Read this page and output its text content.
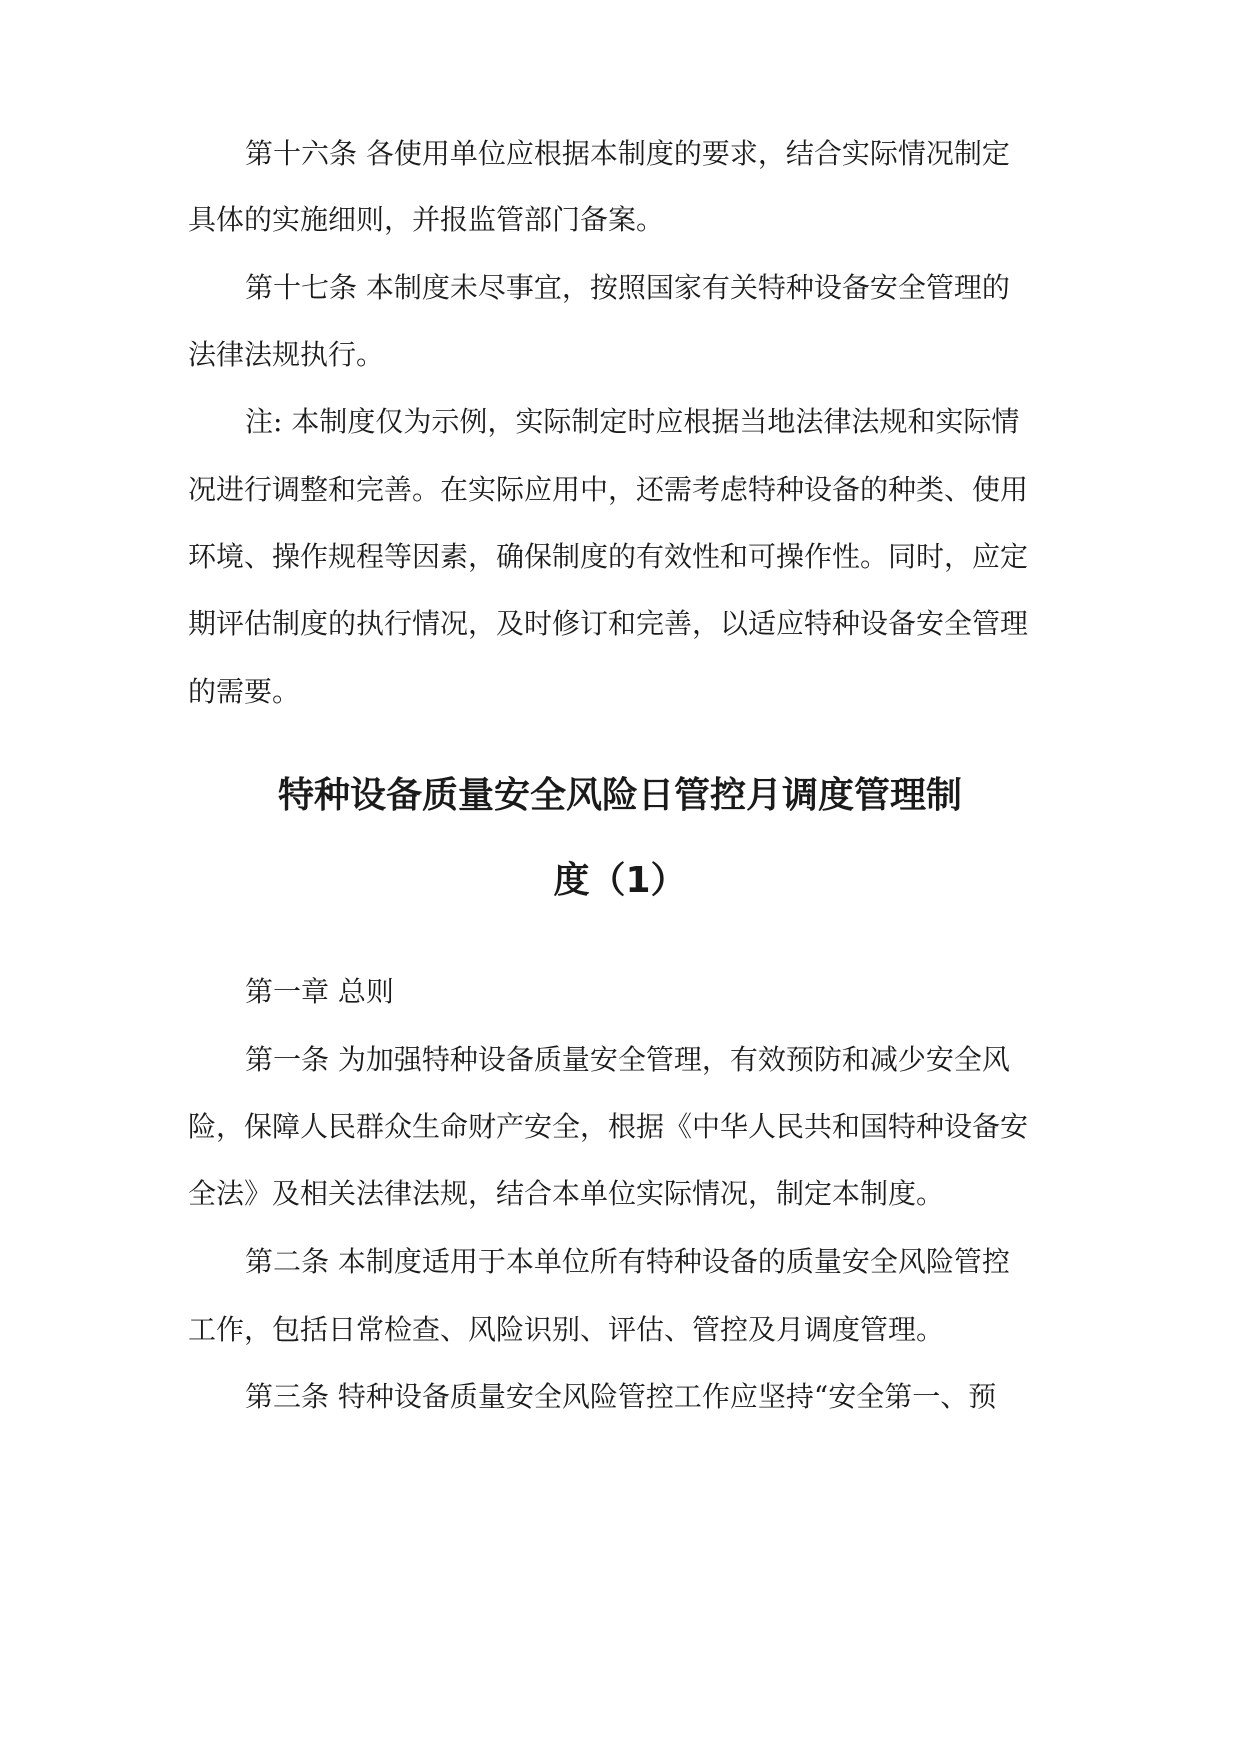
第十六条 各使用单位应根据本制度的要求，结合实际情况制定
具体的实施细则，并报监管部门备案。
第十七条 本制度未尽事宜，按照国家有关特种设备安全管理的
法律法规执行。
注: 本制度仅为示例，实际制定时应根据当地法律法规和实际情
况进行调整和完善。在实际应用中，还需考虑特种设备的种类、使用
环境、操作规程等因素，确保制度的有效性和可操作性。同时，应定
期评估制度的执行情况，及时修订和完善，以适应特种设备安全管理
的需要。
特种设备质量安全风险日管控月调度管理制
度（1）
第一章 总则
第一条 为加强特种设备质量安全管理，有效预防和减少安全风
险，保障人民群众生命财产安全，根据《中华人民共和国特种设备安
全法》及相关法律法规，结合本单位实际情况，制定本制度。
第二条 本制度适用于本单位所有特种设备的质量安全风险管控
工作，包括日常检查、风险识别、评估、管控及月调度管理。
第三条 特种设备质量安全风险管控工作应坚持“安全第一、预
